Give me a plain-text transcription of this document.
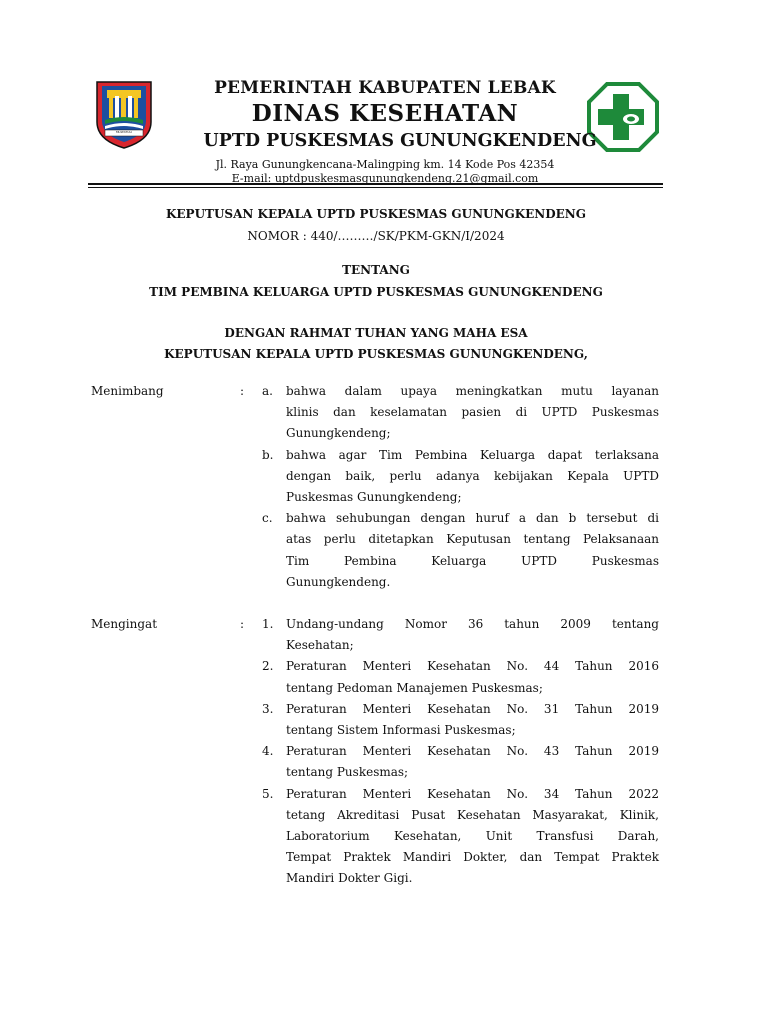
MULTATULI
PEMERINTAH KABUPATEN LEBAK
DINAS KESEHATAN
UPTD PUSKESMAS GUNUNGKENDENG
Jl. Raya Gunungkencana-Malingping km. 14 Kode Pos 42354
E-mail: uptdpuskesmasgunungkendeng.21@gmail.com
KEPUTUSAN KEPALA UPTD PUSKESMAS GUNUNGKENDENG
NOMOR : 440/………/SK/PKM-GKN/I/2024
TENTANG
TIM PEMBINA KELUARGA UPTD PUSKESMAS GUNUNGKENDENG
DENGAN RAHMAT TUHAN YANG MAHA ESA
KEPUTUSAN KEPALA UPTD PUSKESMAS GUNUNGKENDENG,
Menimbang	: a.	bahwa dalam upaya meningkatkan mutu layanan
klinis dan keselamatan pasien di UPTD Puskesmas
Gunungkendeng;
b.	bahwa agar Tim Pembina Keluarga dapat terlaksana
dengan baik, perlu adanya kebijakan Kepala UPTD
Puskesmas Gunungkendeng;
c.	bahwa sehubungan dengan huruf a dan b tersebut di
atas perlu ditetapkan Keputusan tentang Pelaksanaan
Tim Pembina Keluarga UPTD Puskesmas
Gunungkendeng.
Mengingat	: 1.	Undang-undang Nomor 36 tahun 2009 tentang
Kesehatan;
2.	Peraturan Menteri Kesehatan No. 44 Tahun 2016
tentang Pedoman Manajemen Puskesmas;
3.	Peraturan Menteri Kesehatan No. 31 Tahun 2019
tentang Sistem Informasi Puskesmas;
4.	Peraturan Menteri Kesehatan No. 43 Tahun 2019
tentang Puskesmas;
5.	Peraturan Menteri Kesehatan No. 34 Tahun 2022
tetang Akreditasi Pusat Kesehatan Masyarakat, Klinik,
Laboratorium Kesehatan, Unit Transfusi Darah,
Tempat Praktek Mandiri Dokter, dan Tempat Praktek
Mandiri Dokter Gigi.
